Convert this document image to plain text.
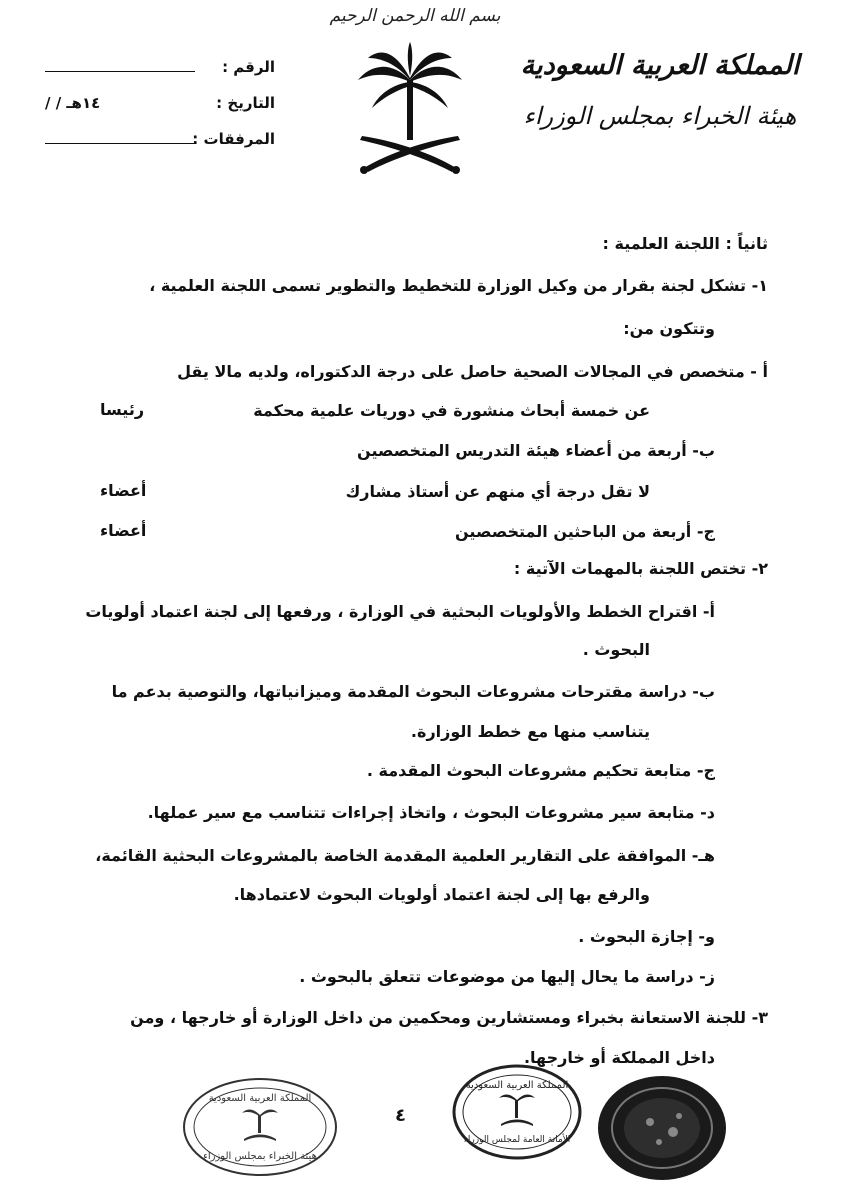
بسم الله الرحمن الرحيم
المملكة العربية السعودية
هيئة الخبراء بمجلس الوزراء
الرقم :
التاريخ :
/ / ١٤هـ
المرفقات :
ثانياً : اللجنة العلمية :
١- تشكل لجنة بقرار من وكيل الوزارة للتخطيط والتطوير تسمى اللجنة العلمية ،
وتتكون من:
أ - متخصص في المجالات الصحية حاصل على درجة الدكتوراه، ولديه مالا يقل
عن خمسة أبحاث منشورة في دوريات علمية محكمة
رئيسا
ب- أربعة من أعضاء هيئة التدريس المتخصصين
لا تقل درجة أي منهم عن أستاذ مشارك
أعضاء
ج- أربعة من الباحثين المتخصصين
أعضاء
٢- تختص اللجنة بالمهمات الآتية :
أ- اقتراح الخطط والأولويات البحثية في الوزارة ، ورفعها إلى لجنة اعتماد أولويات
البحوث .
ب- دراسة مقترحات مشروعات البحوث المقدمة وميزانياتها، والتوصية بدعم ما
يتناسب منها مع خطط الوزارة.
ج- متابعة تحكيم مشروعات البحوث المقدمة .
د- متابعة سير مشروعات البحوث ، واتخاذ إجراءات تتناسب مع سير عملها.
هـ- الموافقة على التقارير العلمية المقدمة الخاصة بالمشروعات البحثية القائمة،
والرفع بها إلى لجنة اعتماد أولويات البحوث لاعتمادها.
و- إجازة البحوث .
ز- دراسة ما يحال إليها من موضوعات تتعلق بالبحوث .
٣- للجنة الاستعانة بخبراء ومستشارين ومحكمين من داخل الوزارة أو خارجها ، ومن
داخل المملكة أو خارجها.
٤
المملكة العربية السعودية
هيئة الخبراء بمجلس الوزراء
المملكة العربية السعودية
الأمانة العامة لمجلس الوزراء
